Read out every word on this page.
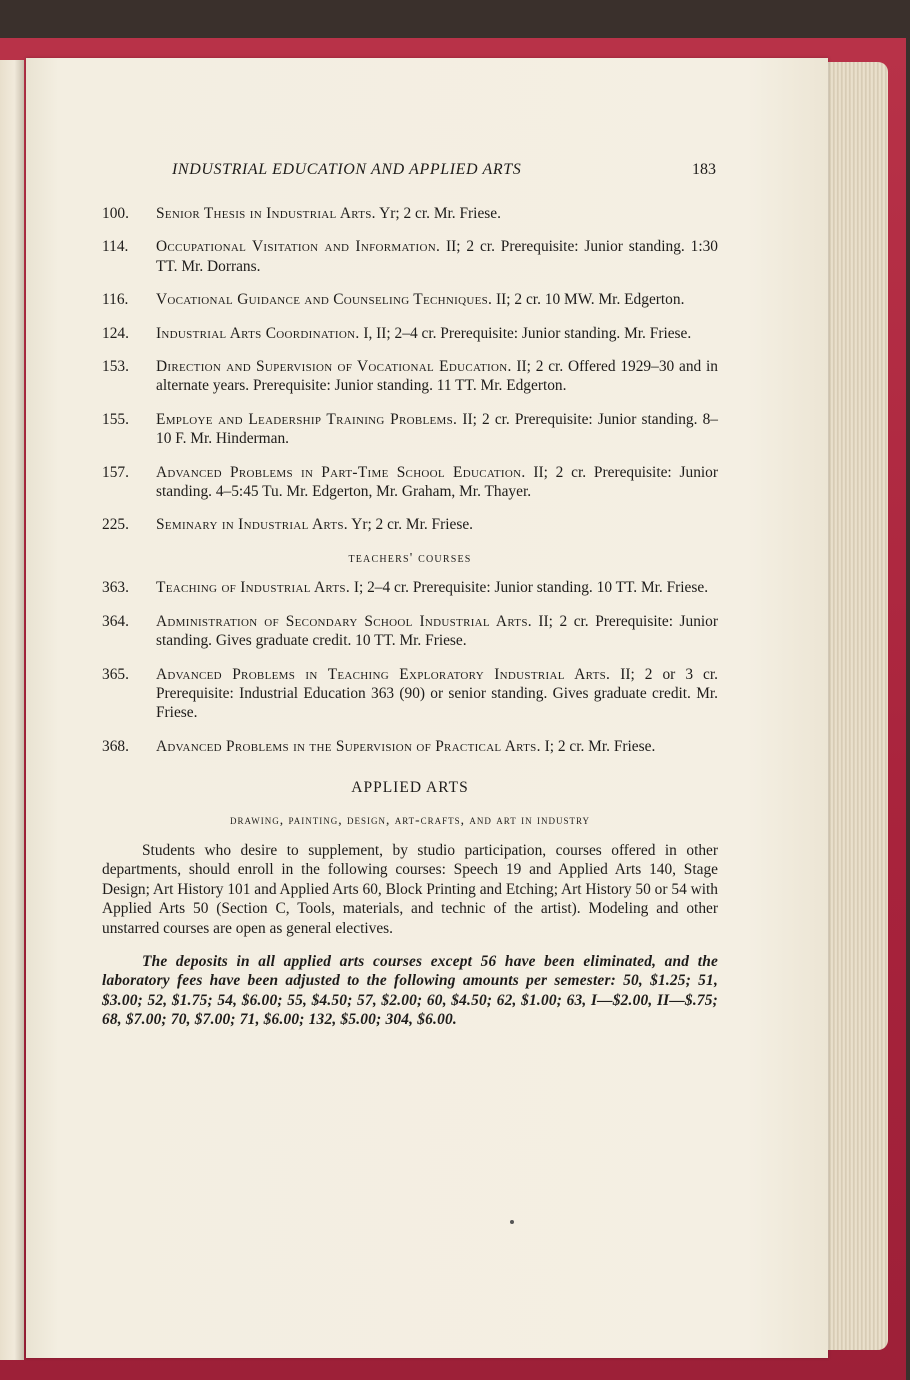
INDUSTRIAL EDUCATION AND APPLIED ARTS	183
100. Senior Thesis in Industrial Arts. Yr; 2 cr. Mr. Friese.
114. Occupational Visitation and Information. II; 2 cr. Prerequisite: Junior standing. 1:30 TT. Mr. Dorrans.
116. Vocational Guidance and Counseling Techniques. II; 2 cr. 10 MW. Mr. Edgerton.
124. Industrial Arts Coordination. I, II; 2–4 cr. Prerequisite: Junior standing. Mr. Friese.
153. Direction and Supervision of Vocational Education. II; 2 cr. Offered 1929–30 and in alternate years. Prerequisite: Junior standing. 11 TT. Mr. Edgerton.
155. Employe and Leadership Training Problems. II; 2 cr. Prerequisite: Junior standing. 8–10 F. Mr. Hinderman.
157. Advanced Problems in Part-Time School Education. II; 2 cr. Prerequisite: Junior standing. 4–5:45 Tu. Mr. Edgerton, Mr. Graham, Mr. Thayer.
225. Seminary in Industrial Arts. Yr; 2 cr. Mr. Friese.
teachers' courses
363. Teaching of Industrial Arts. I; 2–4 cr. Prerequisite: Junior standing. 10 TT. Mr. Friese.
364. Administration of Secondary School Industrial Arts. II; 2 cr. Prerequisite: Junior standing. Gives graduate credit. 10 TT. Mr. Friese.
365. Advanced Problems in Teaching Exploratory Industrial Arts. II; 2 or 3 cr. Prerequisite: Industrial Education 363 (90) or senior standing. Gives graduate credit. Mr. Friese.
368. Advanced Problems in the Supervision of Practical Arts. I; 2 cr. Mr. Friese.
APPLIED ARTS
drawing, painting, design, art-crafts, and art in industry
Students who desire to supplement, by studio participation, courses offered in other departments, should enroll in the following courses: Speech 19 and Applied Arts 140, Stage Design; Art History 101 and Applied Arts 60, Block Printing and Etching; Art History 50 or 54 with Applied Arts 50 (Section C, Tools, materials, and technic of the artist). Modeling and other unstarred courses are open as general electives.
The deposits in all applied arts courses except 56 have been eliminated, and the laboratory fees have been adjusted to the following amounts per semester: 50, $1.25; 51, $3.00; 52, $1.75; 54, $6.00; 55, $4.50; 57, $2.00; 60, $4.50; 62, $1.00; 63, I—$2.00, II—$.75; 68, $7.00; 70, $7.00; 71, $6.00; 132, $5.00; 304, $6.00.
